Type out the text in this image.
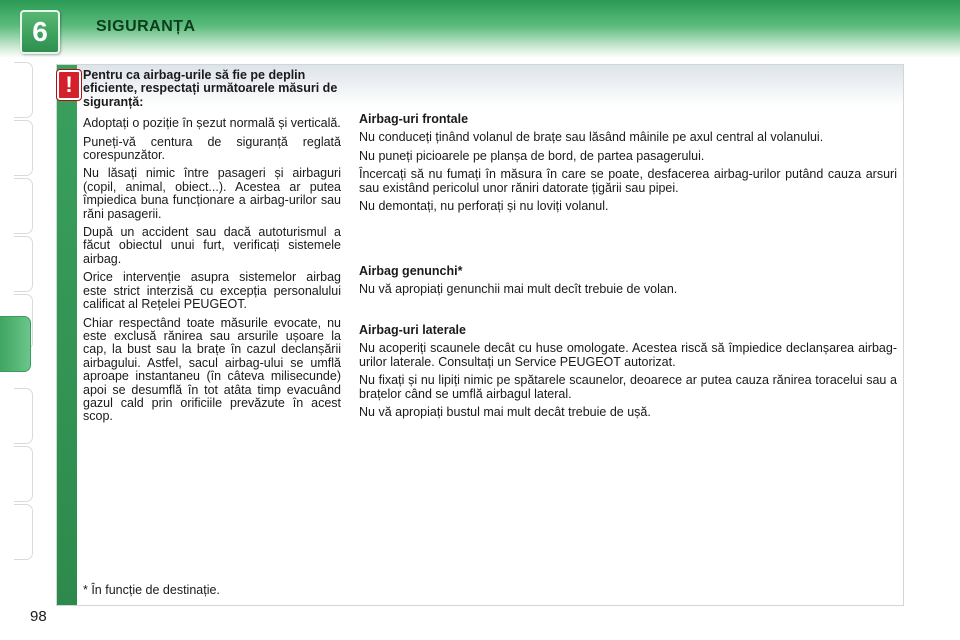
6	SIGURANȚA
! Pentru ca airbag-urile să fie pe deplin eficiente, respectați următoarele măsuri de siguranță:

Adoptați o poziție în șezut normală și verticală.

Puneți-vă centura de siguranță reglată corespunzător.

Nu lăsați nimic între pasageri și airbaguri (copil, animal, obiect...). Acestea ar putea împiedica buna funcționare a airbag-urilor sau răni pasagerii.

După un accident sau dacă autoturismul a făcut obiectul unui furt, verificați sistemele airbag.

Orice intervenție asupra sistemelor airbag este strict interzisă cu excepția personalului calificat al Rețelei PEUGEOT.

Chiar respectând toate măsurile evocate, nu este exclusă rănirea sau arsurile ușoare la cap, la bust sau la brațe în cazul declanșării airbagului. Astfel, sacul airbag-ului se umflă aproape instantaneu (în câteva milisecunde) apoi se desumflă în tot atâta timp evacuând gazul cald prin orificiile prevăzute în acest scop.

Airbag-uri frontale

Nu conduceți ținând volanul de brațe sau lăsând mâinile pe axul central al volanului.

Nu puneți picioarele pe planșa de bord, de partea pasagerului.

Încercați să nu fumați în măsura în care se poate, desfacerea airbag-urilor putând cauza arsuri sau existând pericolul unor răniri datorate țigării sau pipei.

Nu demontați, nu perforați și nu loviți volanul.

Airbag genunchi*

Nu vă apropiați genunchii mai mult decît trebuie de volan.

Airbag-uri laterale

Nu acoperiți scaunele decât cu huse omologate. Acestea riscă să împiedice declanșarea airbag-urilor laterale. Consultați un Service PEUGEOT autorizat.

Nu fixați și nu lipiți nimic pe spătarele scaunelor, deoarece ar putea cauza rănirea toracelui sau a brațelor când se umflă airbagul lateral.

Nu vă apropiați bustul mai mult decât trebuie de ușă.

* În funcție de destinație.
98
